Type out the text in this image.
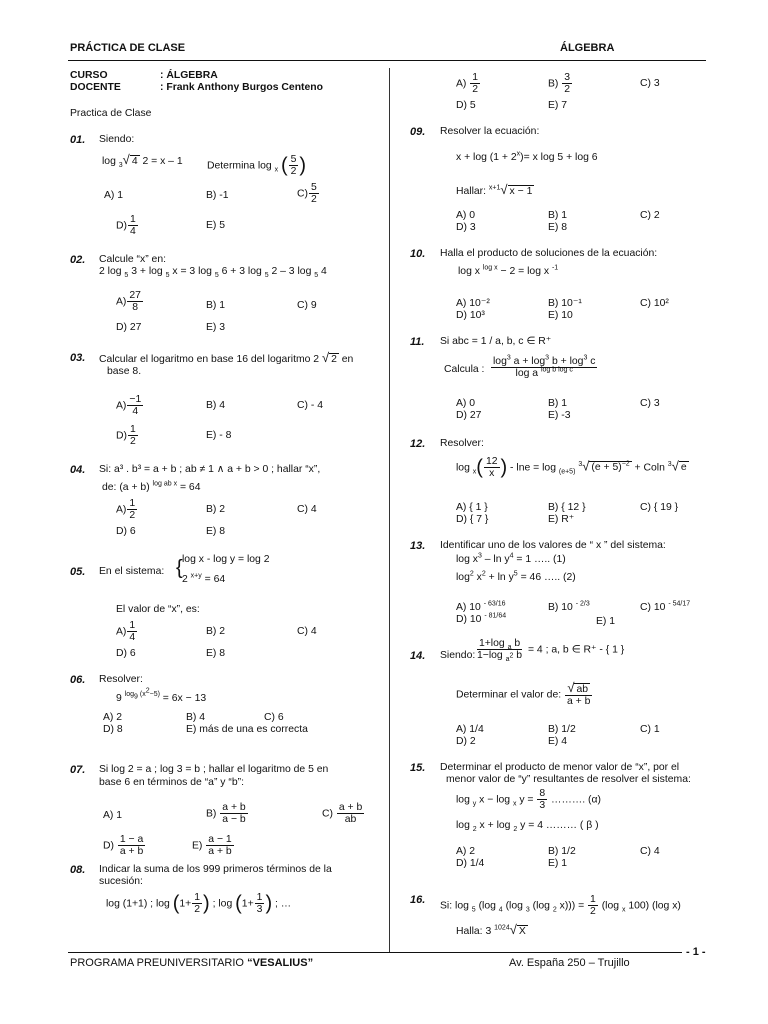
PRÁCTICA DE CLASE	ÁLGEBRA
CURSO	: ÁLGEBRA
DOCENTE	: Frank Anthony Burgos Centeno
Practica de Clase
01. Siendo:
log $_3$√ 4 2 = x – 1 Determina log $_x$ ( $\frac{5}{2}$ )
A) 1	B) -1	$C) \frac{5}{2}$
$D) \frac{1}{4}$	E) 5
02. Calcule “x” en:
2 log $_5$ 3 + log $_5$ x = 3 log $_5$ 6 + 3 log $_5$ 2 – 3 log $_5$ 4
$A) \frac{27}{8}$	B) 1	C) 9
D) 27	E) 3
03. Calcular el logaritmo en base 16 del logaritmo 2 √ 2 en
base 8.
$A) \frac{-1}{4}$	B) 4	C) - 4
$D) \frac{1}{2}$	E) - 8
04. Si: a³ . b³ = a + b ; ab ≠ 1 ∧ a + b > 0 ; hallar “x”,
de: (a + b) $^{log ab x}$ = 64
$A) \frac{1}{2}$	B) 2	C) 4
D) 6	E) 8
05. En el sistema: { log x - log y = log 2
2 $^{x+y}$ = 64
El valor de “x”, es:
$A) \frac{1}{4}$	B) 2	C) 4
D) 6	E) 8
06. Resolver:
9 $^{log_9 (x^2-5)}$ = 6x − 13
A) 2	B) 4	C) 6
D) 8	E) más de una es correcta
07. Si log 2 = a ; log 3 = b ; hallar el logaritmo de 5 en
base 6 en términos de “a” y “b”:
A) 1	$B) \frac{a + b}{a - b}$	$C) \frac{a + b}{ab}$
$D) \frac{1 - a}{a + b}$	$E) \frac{a - 1}{a + b}$
08. Indicar la suma de los 999 primeros términos de la
sucesión:
log (1+1) ; $\log (1+ \frac{1}{2}$ ) ; $\log (1+ \frac{1}{3}$ ) ; …
$A) \frac{1}{2}$	$B) \frac{3}{2}$	C) 3
D) 5	E) 7
09. Resolver la ecuación:
$x + \log (1 + 2^x)= x$ log 5 + log 6
Hallar: $^{x+1}$√ x − 1
A) 0	B) 1	C) 2
D) 3	E) 8
10. Halla el producto de soluciones de la ecuación:
log x $^{log x}$ − 2 = log x $^{-1}$
A) 10⁻²	B) 10⁻¹	C) 10²
D) 10³	E) 10
11. Si abc = 1 / a, b, c ∈ R⁺
Calcula : $\frac{\log^3 a + \log^3 b + \log^3 c}{\log a ^{log b log c}}$
A) 0	B) 1	C) 3
D) 27	E) -3
12. Resolver:
$\log _x( \frac{12}{x}$ ) - lne = log $_{(e+5)}$ $^3$√ $(e + 5)^{-2} + Coln$ $^3$√ e
A) { 1 }	B) { 12 }	C) { 19 }
D) { 7 }	E) R⁺
13. Identificar uno de los valores de “ x ” del sistema:
$\log x^3 - \ln y^4 = 1$ ….. (1)
$\log^2 x^2 + \ln y^5 = 46$ ….. (2)
A) 10 $^{- 63/16}$	B) 10 $^{- 2/3}$	C) 10 $^{- 54/17}$
D) 10 $^{- 81/64}$	E) 1
14. Siendo: $\frac{1+\log _a b}{1-\log _{a^2} b} = 4$ ; a, b ∈ R⁺ - { 1 }
Determinar el valor de: $\frac{√ ab}{a + b}$
A) 1/4	B) 1/2	C) 1
D) 2	E) 4
15. Determinar el producto de menor valor de “x”, por el
menor valor de “y” resultantes de resolver el sistema:
log $_y$ x − log $_x$ $y = \frac{8}{3}$ ………. (α)
log $_2$ x + log $_2$ y = 4 ……… ( β )
A) 2	B) 1/2	C) 4
D) 1/4	E) 1
16. Si: log $_5$ (log $_4$ (log $_3$ (log $_2$ $x))) = \frac{1}{2} (\log$ $_x$ 100) (log x)
Halla: 3 $^{1024}$√ X
- 1 -
PROGRAMA PREUNIVERSITARIO “VESALIUS”	Av. España 250 – Trujillo
